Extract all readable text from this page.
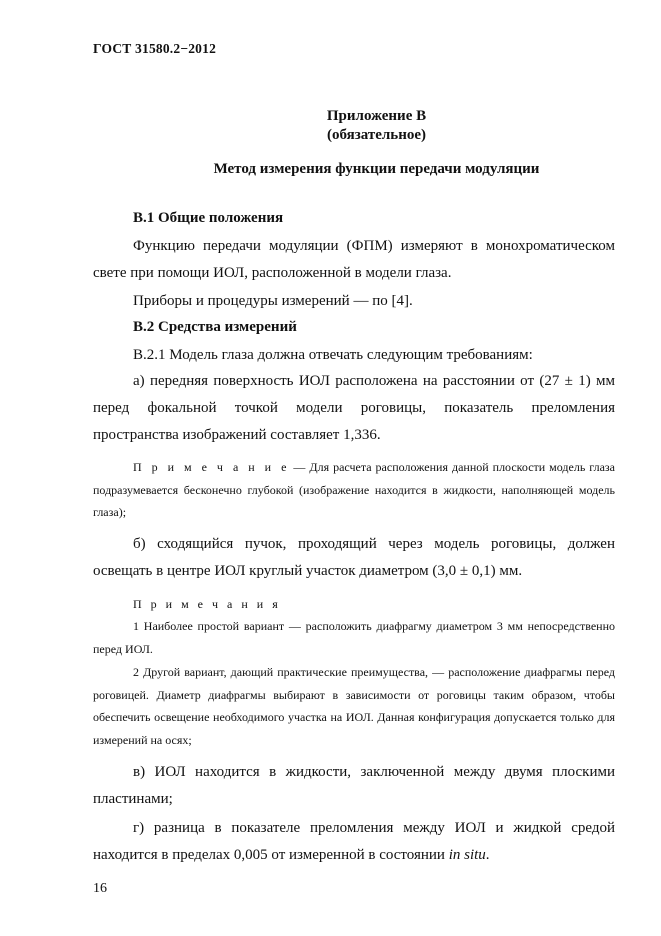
ГОСТ 31580.2−2012
Приложение В
(обязательное)
Метод измерения функции передачи модуляции
В.1 Общие положения

Функцию передачи модуляции (ФПМ) измеряют в монохроматическом свете при помощи ИОЛ, расположенной в модели глаза.

Приборы и процедуры измерений — по [4].

В.2 Средства измерений

В.2.1 Модель глаза должна отвечать следующим требованиям:

а) передняя поверхность ИОЛ расположена на расстоянии от (27 ± 1) мм перед фокальной точкой модели роговицы, показатель преломления пространства изображений составляет 1,336.

П р и м е ч а н и е — Для расчета расположения данной плоскости модель глаза подразумевается бесконечно глубокой (изображение находится в жидкости, наполняющей модель глаза);

б) сходящийся пучок, проходящий через модель роговицы, должен освещать в центре ИОЛ круглый участок диаметром (3,0 ± 0,1) мм.

П р и м е ч а н и я

1 Наиболее простой вариант — расположить диафрагму диаметром 3 мм непосредственно перед ИОЛ.

2 Другой вариант, дающий практические преимущества, — расположение диафрагмы перед роговицей. Диаметр диафрагмы выбирают в зависимости от роговицы таким образом, чтобы обеспечить освещение необходимого участка на ИОЛ. Данная конфигурация допускается только для измерений на осях;

в) ИОЛ находится в жидкости, заключенной между двумя плоскими пластинами;

г) разница в показателе преломления между ИОЛ и жидкой средой находится в пределах 0,005 от измеренной в состоянии in situ.

16
